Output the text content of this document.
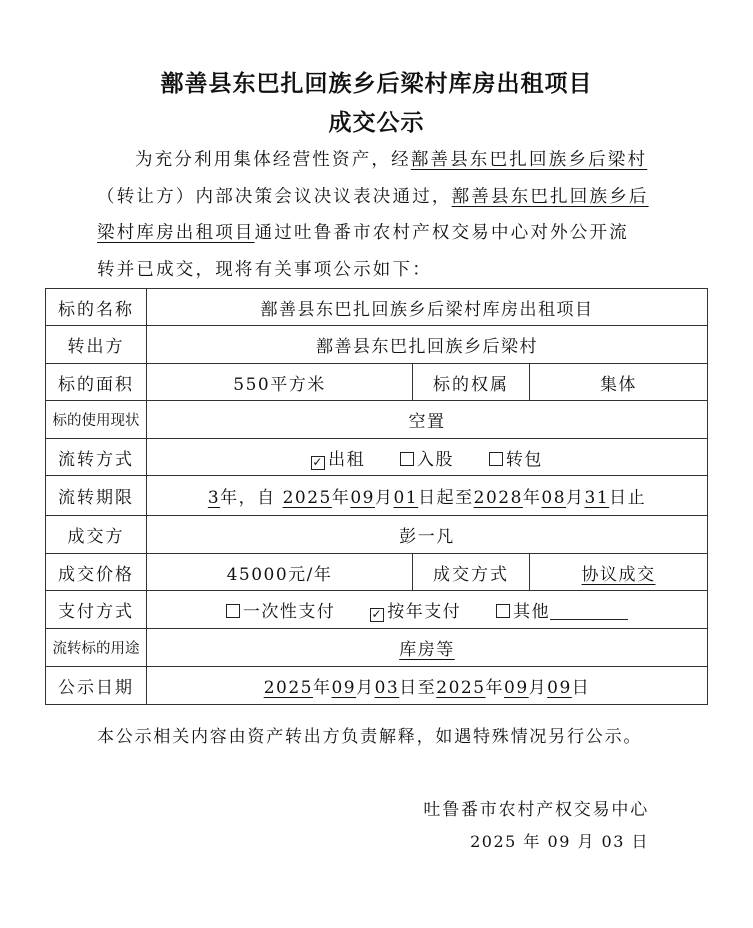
鄯善县东巴扎回族乡后梁村库房出租项目
成交公示
为充分利用集体经营性资产，经鄯善县东巴扎回族乡后梁村
（转让方）内部决策会议决议表决通过，鄯善县东巴扎回族乡后
梁村库房出租项目通过吐鲁番市农村产权交易中心对外公开流
转并已成交，现将有关事项公示如下：
标的名称	鄯善县东巴扎回族乡后梁村库房出租项目		
转出方	鄯善县东巴扎回族乡后梁村		
标的面积	550平方米	标的权属	集体
标的使用现状	空置		
流转方式	✓ 出租 入股 转包		
流转期限	3年，自 2025年09月01日起至2028年08月31日止		
成交方	彭一凡		
成交价格	45000元/年	成交方式	协议成交
支付方式	一次性支付 ✓ 按年支付 其他		
流转标的用途	库房等		
公示日期	2025年09月03日至2025年09月09日		
本公示相关内容由资产转出方负责解释，如遇特殊情况另行公示。
吐鲁番市农村产权交易中心
2025 年 09 月 03 日
